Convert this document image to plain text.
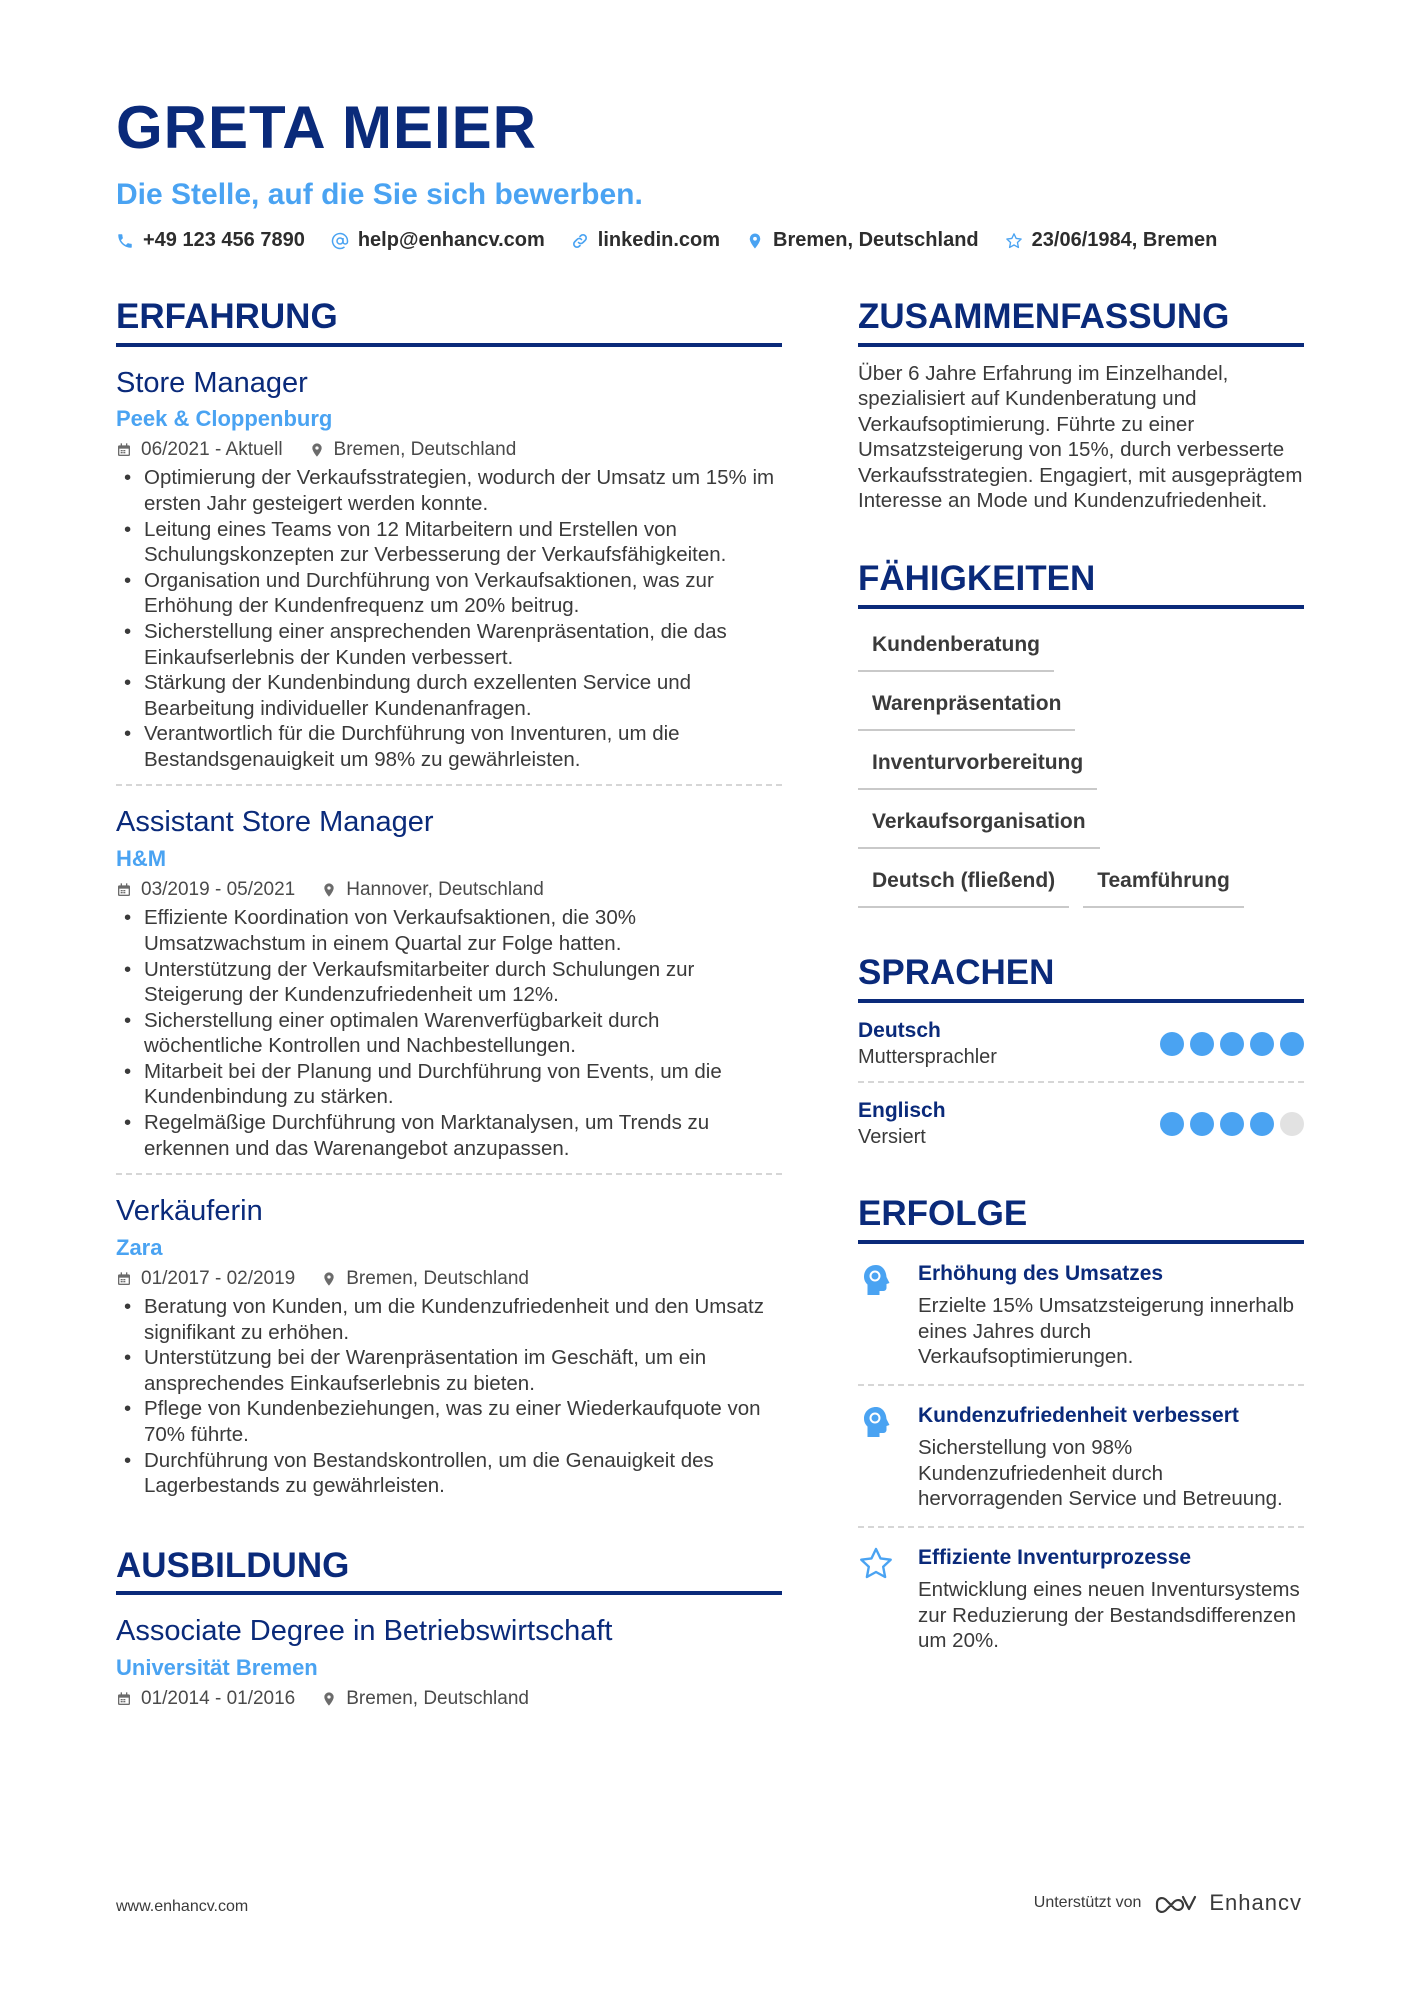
GRETA MEIER
Die Stelle, auf die Sie sich bewerben.
+49 123 456 7890	help@enhancv.com	linkedin.com	Bremen, Deutschland	23/06/1984, Bremen
ERFAHRUNG
Store Manager
Peek & Cloppenburg
06/2021 - Aktuell	Bremen, Deutschland
• Optimierung der Verkaufsstrategien, wodurch der Umsatz um 15% im ersten Jahr gesteigert werden konnte.
• Leitung eines Teams von 12 Mitarbeitern und Erstellen von Schulungskonzepten zur Verbesserung der Verkaufsfähigkeiten.
• Organisation und Durchführung von Verkaufsaktionen, was zur Erhöhung der Kundenfrequenz um 20% beitrug.
• Sicherstellung einer ansprechenden Warenpräsentation, die das Einkaufserlebnis der Kunden verbessert.
• Stärkung der Kundenbindung durch exzellenten Service und Bearbeitung individueller Kundenanfragen.
• Verantwortlich für die Durchführung von Inventuren, um die Bestandsgenauigkeit um 98% zu gewährleisten.
Assistant Store Manager
H&M
03/2019 - 05/2021	Hannover, Deutschland
• Effiziente Koordination von Verkaufsaktionen, die 30% Umsatzwachstum in einem Quartal zur Folge hatten.
• Unterstützung der Verkaufsmitarbeiter durch Schulungen zur Steigerung der Kundenzufriedenheit um 12%.
• Sicherstellung einer optimalen Warenverfügbarkeit durch wöchentliche Kontrollen und Nachbestellungen.
• Mitarbeit bei der Planung und Durchführung von Events, um die Kundenbindung zu stärken.
• Regelmäßige Durchführung von Marktanalysen, um Trends zu erkennen und das Warenangebot anzupassen.
Verkäuferin
Zara
01/2017 - 02/2019	Bremen, Deutschland
• Beratung von Kunden, um die Kundenzufriedenheit und den Umsatz signifikant zu erhöhen.
• Unterstützung bei der Warenpräsentation im Geschäft, um ein ansprechendes Einkaufserlebnis zu bieten.
• Pflege von Kundenbeziehungen, was zu einer Wiederkaufquote von 70% führte.
• Durchführung von Bestandskontrollen, um die Genauigkeit des Lagerbestands zu gewährleisten.
AUSBILDUNG
Associate Degree in Betriebswirtschaft
Universität Bremen
01/2014 - 01/2016	Bremen, Deutschland
ZUSAMMENFASSUNG
Über 6 Jahre Erfahrung im Einzelhandel, spezialisiert auf Kundenberatung und Verkaufsoptimierung. Führte zu einer Umsatzsteigerung von 15%, durch verbesserte Verkaufsstrategien. Engagiert, mit ausgeprägtem Interesse an Mode und Kundenzufriedenheit.
FÄHIGKEITEN
Kundenberatung
Warenpräsentation
Inventurvorbereitung
Verkaufsorganisation
Deutsch (fließend)	Teamführung
SPRACHEN
Deutsch
Muttersprachler
Englisch
Versiert
ERFOLGE
Erhöhung des Umsatzes
Erzielte 15% Umsatzsteigerung innerhalb eines Jahres durch Verkaufsoptimierungen.
Kundenzufriedenheit verbessert
Sicherstellung von 98% Kundenzufriedenheit durch hervorragenden Service und Betreuung.
Effiziente Inventurprozesse
Entwicklung eines neuen Inventursystems zur Reduzierung der Bestandsdifferenzen um 20%.
www.enhancv.com	Unterstützt von	Enhancv
